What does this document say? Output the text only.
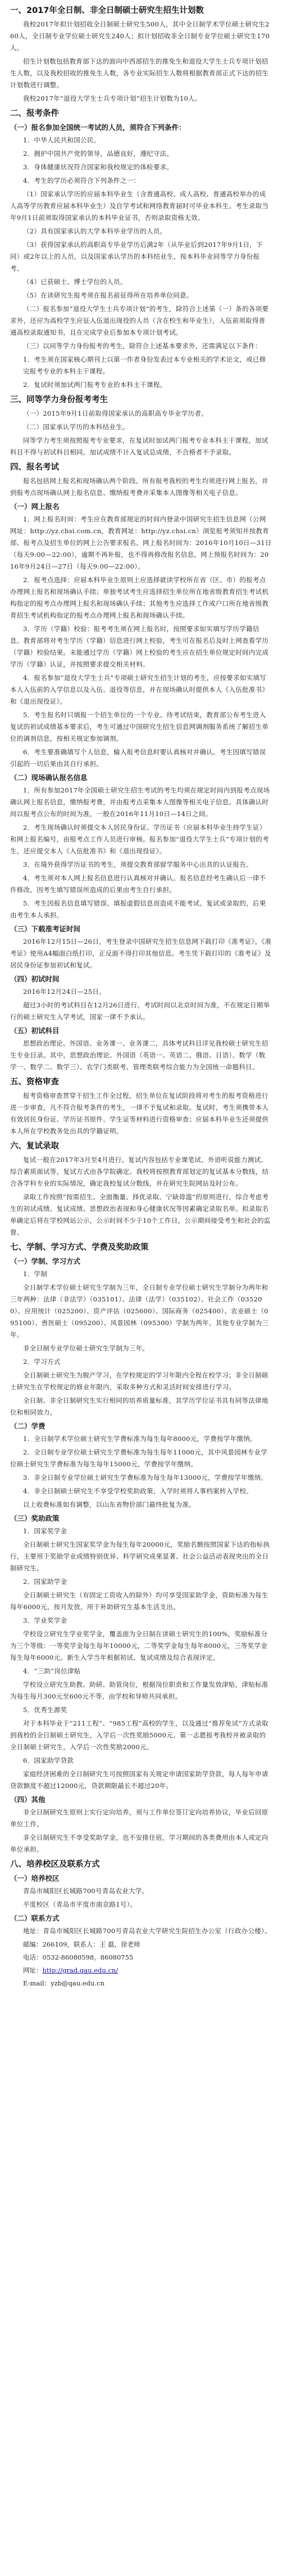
一、2017年全日制、非全日制硕士研究生招生计划数

我校2017年拟计划招收全日制硕士研究生500人，其中全日制学术学位硕士研究生260人，全日制专业学位硕士研究生240人；拟计划招收非全日制专业学位硕士研究生170人。

招生计划数包括教育部下达的面向中西部招生的推免生和退役大学生士兵专项计划招生人数，以及我校招收的推免生人数，各专业实际招生人数将根据教育部正式下达的招生计划数进行调整。

我校2017年“退役大学生士兵专项计划”招生计划数为10人。

二、报考条件
（一）报名参加全国统一考试的人员，须符合下列条件：

1．中华人民共和国公民。

2．拥护中国共产党的领导，品德良好，遵纪守法。

3．身体健康状况符合国家和我校规定的体检要求。

4．考生的学历必须符合下列条件之一：

（1）国家承认学历的应届本科毕业生（含普通高校、成人高校、普通高校举办的成人高等学历教育应届本科毕业生）及自学考试和网络教育届时可毕业本科生。考生录取当年9月1日前须取得国家承认的本科毕业证书，否则录取资格无效。

（2）具有国家承认的大学本科毕业学历的人员。

（3）获得国家承认的高职高专毕业学历后满2年（从毕业后到2017年9月1日，下同）或2年以上的人员，以及国家承认学历的本科结业生，按本科毕业同等学力身份报考。

（4）已获硕士、博士学位的人员。

（5）在读研究生报考须在报名前征得所在培养单位同意。

（二）报名参加“退役大学生士兵专项计划”的考生，除符合上述第（一）条的各项要求外，还应为高校学生应征入伍退出现役的人员（含在校生和毕业生），入伍前须取得普通高校录取通知书，且在完成学业后参加本专项计划考试。

（三）以同等学力身份报考的考生，除符合上述基本要求外，还需满足以下条件：

1．考生须在国家核心期刊上以第一作者身份发表过本专业相关的学术论文，或已修完报考专业的本科主干课程。

2．复试时须加试两门报考专业的本科主干课程。

三、同等学力身份报考考生

（一）2015年9月1日前取得国家承认的高职高专毕业学历者。

（二）国家承认学历的本科结业生。

同等学力考生须按照报考专业要求，在复试时加试两门报考专业本科主干课程，加试科目不得与初试科目相同。加试成绩不计入复试总成绩，不合格者不予录取。

四、报名考试

报名包括网上报名和现场确认两个阶段。所有报考我校的考生均须进行网上报名，并到报考点现场确认网上报名信息、缴纳报考费并采集本人图像等相关电子信息。

（一）网上报名

1．网上报名时间：考生应在教育部规定的时间内登录中国研究生招生信息网（公网网址：http://yz.chsi.com.cn，教育网址：http://yz.chsi.cn）浏览报考须知并按教育部、报考点及招生单位的网上公告要求报名。网上报名时间为：2016年10月10日—31日（每天9:00—22:00），逾期不再补报，也不得再修改报名信息。网上预报名时间为：2016年9月24日—27日（每天9:00—22:00）。

2．报考点选择：应届本科毕业生原则上应选择就读学校所在省（区、市）的报考点办理网上报名和现场确认手续；单独考试考生应选择招生单位所在地省级教育招生考试机构指定的报考点办理网上报名和现场确认手续；其他考生应选择工作或户口所在地省级教育招生考试机构指定的报考点办理网上报名和现场确认手续。

3．学历（学籍）校验：报考考生须在网上报名时，按照要求如实填写学历学籍信息。教育部将对考生学历（学籍）信息进行网上校验，考生可在报名后及时上网查看学历（学籍）校验结果。未能通过学历（学籍）网上校验的考生应在招生单位规定时间内完成学历（学籍）认证，并按照要求提交相关材料。

4．报名参加“退役大学生士兵”专项硕士研究生招生计划的考生，应按要求如实填写本人入伍前的入学信息以及入伍、退役等信息，并在现场确认时提供本人《入伍批准书》和《退出现役证》。

5．考生报名时只填报一个招生单位的一个专业。待考试结束，教育部公布考生进入复试的初试成绩基本要求后，考生可通过中国研究生招生信息网调剂服务系统了解招生单位的调剂信息，按相关规定参加调剂。

6．考生要准确填写个人信息，输入报考信息时要认真核对并确认。考生因填写错误引起的一切后果由其自行承担。

（二）现场确认报名信息

1．所有参加2017年全国硕士研究生招生考试的考生均须在规定时间内到报考点现场确认网上报名信息，缴纳报考费，并由报考点采集本人图像等相关电子信息。具体确认时间以报考点公布的时间为准，一般在2016年11月10日—14日之间。

2．考生现场确认时须提交本人居民身份证、学历证书（应届本科毕业生持学生证）和网上报名编号，由报考点工作人员进行审核。报名参加“退役大学生士兵”专项计划的考生，还应提交本人《入伍批准书》和《退出现役证》。

3．在境外获得学历证书的考生，须提交教育部留学服务中心出具的认证报告。

4．考生须对本人网上报名信息进行认真核对并确认。报名信息经考生确认后一律不作修改，因考生填写错误所造成的后果由考生自行承担。

5．考生因报名信息填写错误、填报虚假信息而造成不能考试、复试或录取的，后果由考生本人承担。

（三）下载准考证时间

2016年12月15日—26日，考生登录中国研究生招生信息网下载打印《准考证》。《准考证》使用A4幅面白纸打印，正反面不得打印其他信息。考生凭下载打印的《准考证》及居民身份证参加初试和复试。

（四）初试时间

2016年12月24日—25日。

超过3小时的考试科目在12月26日进行。考试时间以北京时间为准，不在规定日期举行的硕士研究生入学考试，国家一律不予承认。

（五）初试科目

思想政治理论、外国语、业务课一、业务课二，具体考试科目详见我校硕士研究生招生专业目录。其中，思想政治理论、外国语（英语一、英语二、俄语、日语）、数学（数学一、数学二、数学三）、农学门类联考、管理类联考综合能力为全国统一命题科目。

五、资格审查

报考资格审查贯穿于招生工作全过程，招生单位在复试阶段将对考生的报考资格进行进一步审查，凡不符合报考条件的考生，一律不予复试和录取。复试时，考生须携带本人有效居民身份证、学历证书原件、学生证等材料进行资格审查；应届本科毕业生还须提供本人所在学校教务处出具的学籍证明。

六、复试录取

复试一般在2017年3月至4月进行。复试内容包括专业课笔试、外语听说能力测试、综合素质面试等，复试方式由各学院确定。我校将按照教育部划定的复试基本分数线，结合各学科专业的实际情况，确定我校复试分数线，并在研究生院网站及时公布。

录取工作按照“按需招生、全面衡量、择优录取、宁缺毋滥”的原则进行，综合考虑考生的初试成绩、复试成绩、思想政治表现和身心健康状况等因素确定录取名单。拟录取名单确定后将在学校网站公示，公示时间不少于10个工作日，公示期间接受考生和社会的监督。

七、学制、学习方式、学费及奖助政策
（一）学制、学习方式

1．学制

全日制学术学位硕士研究生学制为三年，全日制专业学位硕士研究生学制分为两年和三年两种：法律（非法学）（035101）、法律（法学）（035102）、社会工作（035200）、应用统计（025200）、资产评估（025600）、国际商务（025400）、农业硕士（095100）、兽医硕士（095200）、风景园林（095300）学制为两年，其他专业学制为三年。

非全日制专业学位硕士研究生学制为三年。

2．学习方式

全日制硕士研究生为脱产学习，在学校规定的学习年限内全程在校学习；非全日制硕士研究生在学校规定的修业年限内，采取多种方式和灵活时间安排进行学习。

全日制、非全日制研究生实行相同的培养质量标准，其学历学位证书具有同等法律地位和相同效力。

（二）学费

1．全日制学术学位硕士研究生学费标准为每生每年8000元，学费按学年缴纳。

2．全日制专业学位硕士研究生学费标准为每生每年11000元，其中风景园林专业学位硕士研究生学费标准为每生每年15000元，学费按学年缴纳。

3．非全日制专业学位硕士研究生学费标准为每生每年13000元，学费按学年缴纳。

4．非全日制硕士研究生不享受学校奖助政策，入学时须将人事档案转入学校。

以上收费标准如有调整，以山东省物价部门最终批复为准。

（三）奖助政策

1．国家奖学金

全日制硕士研究生国家奖学金为每生每年20000元，奖励名额按照国家下达的指标执行，主要用于奖励学业成绩特别优异、科学研究成果显著、社会公益活动表现突出的全日制研究生。

2．国家助学金

全日制硕士研究生（有固定工资收入的除外）均可享受国家助学金，资助标准为每生每年6000元，按月发放，用于补助研究生基本生活支出。

3．学业奖学金

学校设立研究生学业奖学金，覆盖面为全日制在读硕士研究生的100%，奖励标准分为三个等级：一等奖学金每生每年10000元，二等奖学金每生每年8000元，三等奖学金每生每年6000元。新生入学当年根据初试、复试成绩及综合表现评定。

4．“三助”岗位津贴

学校设立研究生助教、助研、助管岗位，根据岗位职责和工作量发放津贴，津贴标准为每生每月300元至600元不等，由学校和导师共同承担。

5．优秀生源奖

对于本科毕业于“211工程”、“985工程”高校的学生，以及通过“推荐免试”方式录取到我校的全日制硕士研究生，入学后一次性奖励5000元。第一志愿报考我校并被录取的全日制硕士研究生，入学后一次性奖励2000元。

6．国家助学贷款

家庭经济困难的全日制研究生可按照国家有关规定申请国家助学贷款，每人每年申请贷款额度不超过12000元，贷款期限最长不超过20年。

（四）其他

非全日制研究生原则上实行定向培养，须与工作单位签订定向培养协议，毕业后回原单位工作。

非全日制研究生不享受奖助学金，也不安排住宿，学习期间的各类费用由本人或定向单位承担。

八、培养校区及联系方式
（一）培养校区

青岛市城阳区长城路700号青岛农业大学。

平度校区（青岛市平度市南京路1号）。

（二）联系方式

地址：青岛市城阳区长城路700号青岛农业大学研究生院招生办公室（行政办公楼）。

邮编：266109，联系人：王 磊，徐老师

电话：0532-86080598，86080755

网址：http://grad.qau.edu.cn/

E-mail：yzb@qau.edu.cn
